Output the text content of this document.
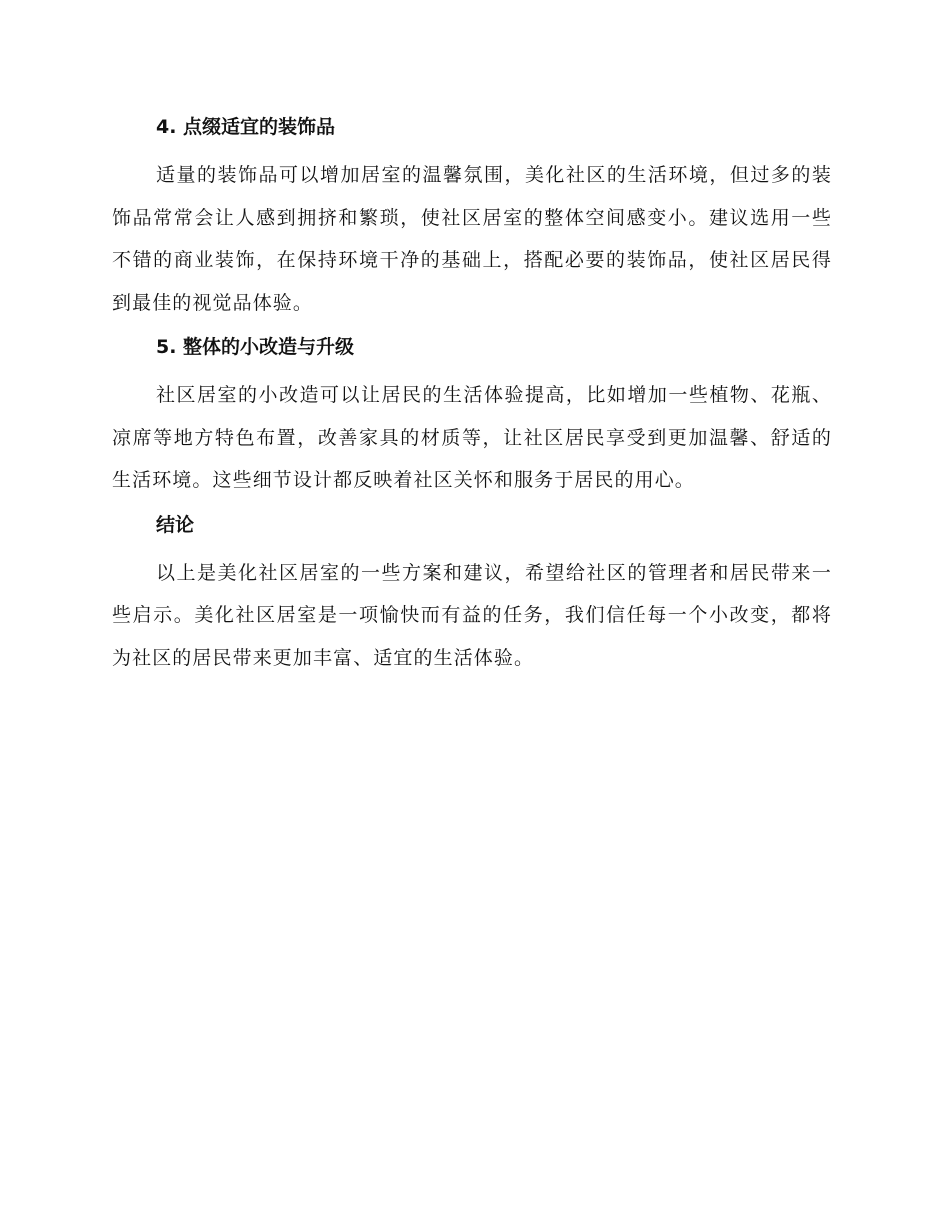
4. 点缀适宜的装饰品

适量的装饰品可以增加居室的温馨氛围，美化社区的生活环境，但过多的装饰品常常会让人感到拥挤和繁琐，使社区居室的整体空间感变小。建议选用一些不错的商业装饰，在保持环境干净的基础上，搭配必要的装饰品，使社区居民得到最佳的视觉品体验。

5. 整体的小改造与升级

社区居室的小改造可以让居民的生活体验提高，比如增加一些植物、花瓶、凉席等地方特色布置，改善家具的材质等，让社区居民享受到更加温馨、舒适的生活环境。这些细节设计都反映着社区关怀和服务于居民的用心。

结论

以上是美化社区居室的一些方案和建议，希望给社区的管理者和居民带来一些启示。美化社区居室是一项愉快而有益的任务，我们信任每一个小改变，都将为社区的居民带来更加丰富、适宜的生活体验。
